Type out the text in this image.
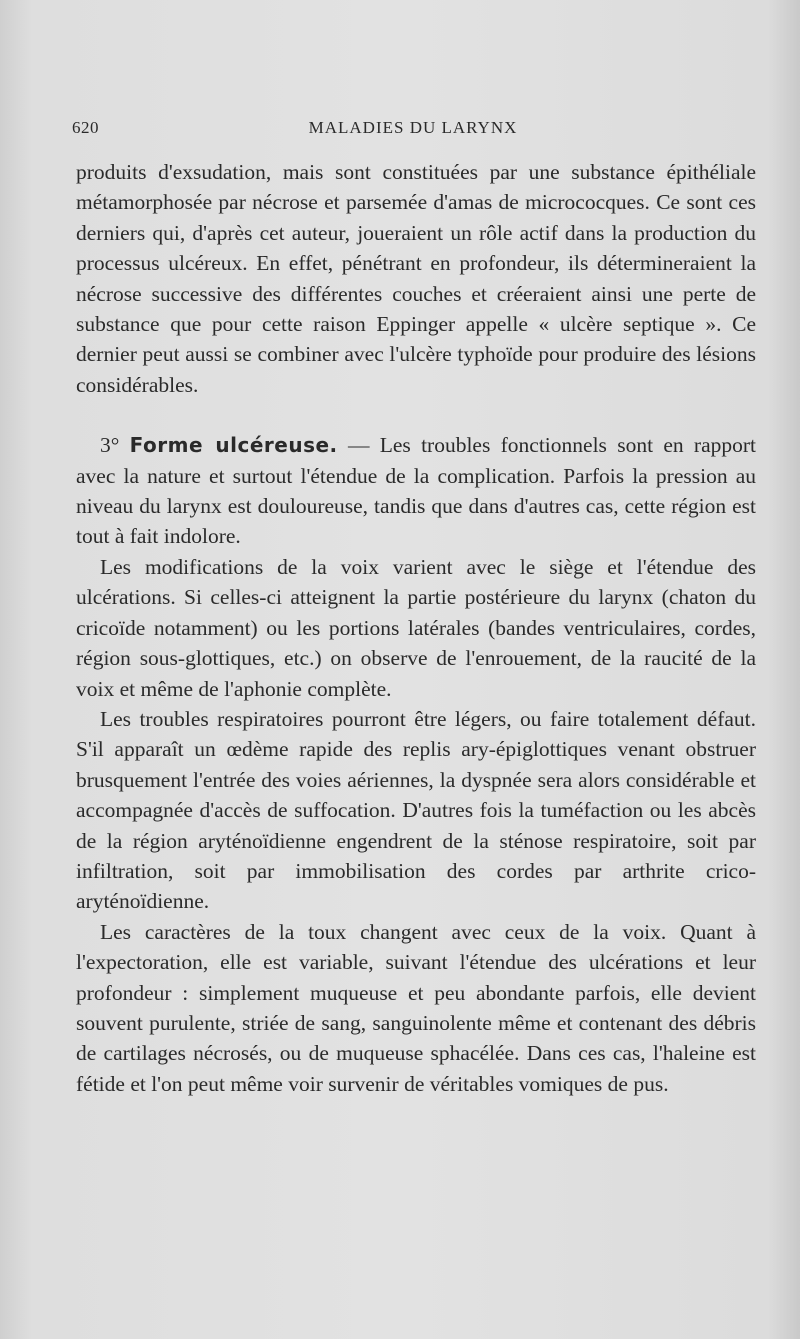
620	MALADIES DU LARYNX

produits d'exsudation, mais sont constituées par une substance épithéliale métamorphosée par nécrose et parsemée d'amas de micrococques. Ce sont ces derniers qui, d'après cet auteur, joueraient un rôle actif dans la production du processus ulcéreux. En effet, pénétrant en profondeur, ils détermineraient la nécrose successive des différentes couches et créeraient ainsi une perte de substance que pour cette raison Eppinger appelle « ulcère septique ». Ce dernier peut aussi se combiner avec l'ulcère typhoïde pour produire des lésions considérables.

3° Forme ulcéreuse. — Les troubles fonctionnels sont en rapport avec la nature et surtout l'étendue de la complication. Parfois la pression au niveau du larynx est douloureuse, tandis que dans d'autres cas, cette région est tout à fait indolore.

Les modifications de la voix varient avec le siège et l'étendue des ulcérations. Si celles-ci atteignent la partie postérieure du larynx (chaton du cricoïde notamment) ou les portions latérales (bandes ventriculaires, cordes, région sous-glottiques, etc.) on observe de l'enrouement, de la raucité de la voix et même de l'aphonie complète.

Les troubles respiratoires pourront être légers, ou faire totalement défaut. S'il apparaît un œdème rapide des replis ary-épiglottiques venant obstruer brusquement l'entrée des voies aériennes, la dyspnée sera alors considérable et accompagnée d'accès de suffocation. D'autres fois la tuméfaction ou les abcès de la région aryténoïdienne engendrent de la sténose respiratoire, soit par infiltration, soit par immobilisation des cordes par arthrite crico-aryténoïdienne.

Les caractères de la toux changent avec ceux de la voix. Quant à l'expectoration, elle est variable, suivant l'étendue des ulcérations et leur profondeur : simplement muqueuse et peu abondante parfois, elle devient souvent purulente, striée de sang, sanguinolente même et contenant des débris de cartilages nécrosés, ou de muqueuse sphacélée. Dans ces cas, l'haleine est fétide et l'on peut même voir survenir de véritables vomiques de pus.
